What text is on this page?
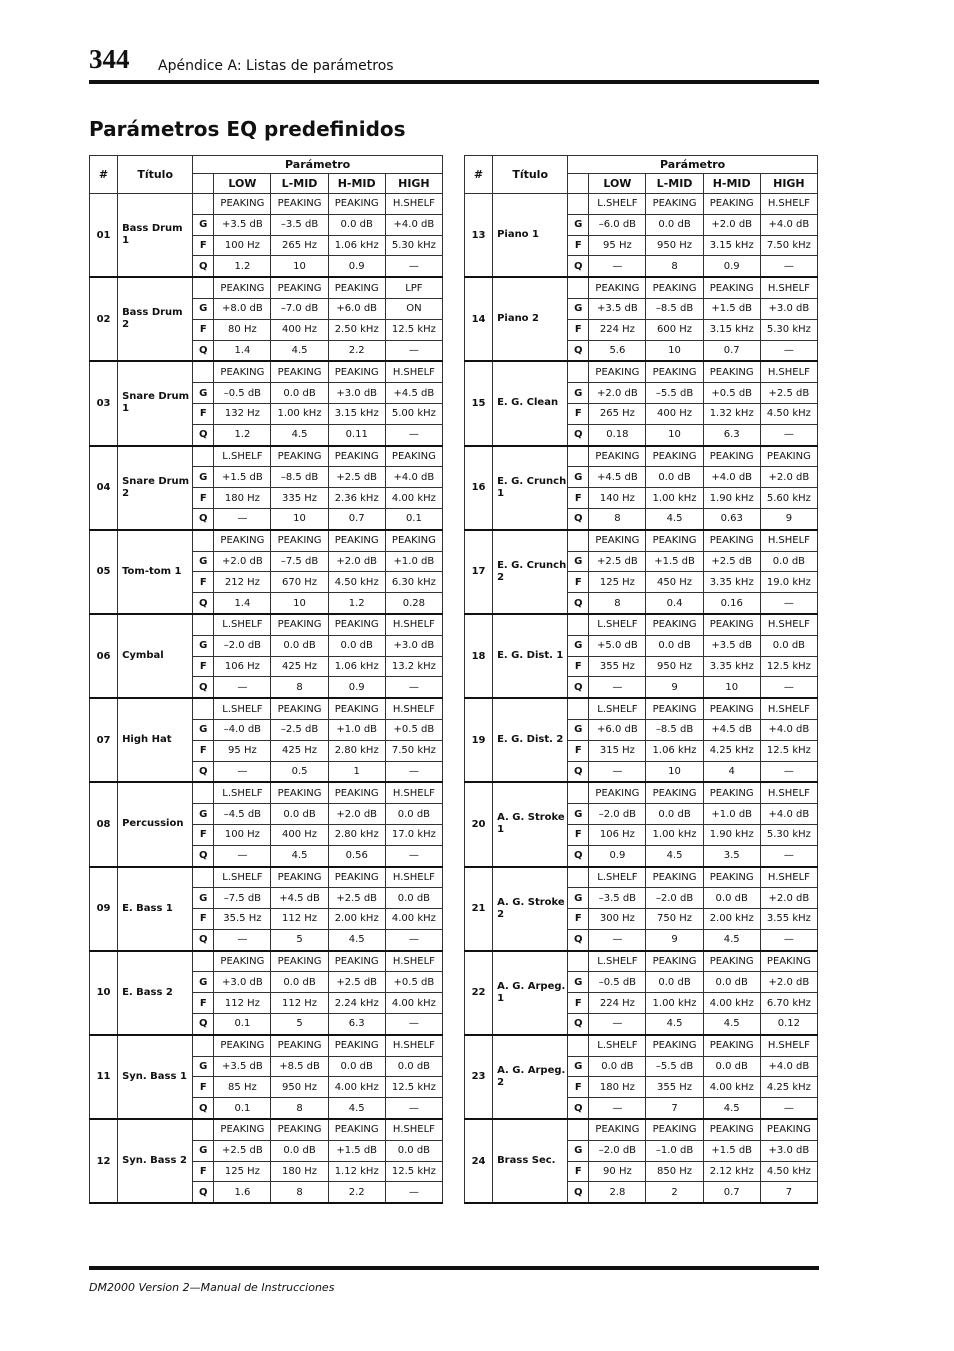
344 Apéndice A: Listas de parámetros
Parámetros EQ predefinidos
#	Título	Parámetro				
			LOW	L-MID	H-MID	HIGH
01	Bass Drum 1		PEAKING	PEAKING	PEAKING	H.SHELF
		G	+3.5 dB	–3.5 dB	0.0 dB	+4.0 dB
		F	100 Hz	265 Hz	1.06 kHz	5.30 kHz
		Q	1.2	10	0.9	—
02	Bass Drum 2		PEAKING	PEAKING	PEAKING	LPF
		G	+8.0 dB	–7.0 dB	+6.0 dB	ON
		F	80 Hz	400 Hz	2.50 kHz	12.5 kHz
		Q	1.4	4.5	2.2	—
03	Snare Drum 1		PEAKING	PEAKING	PEAKING	H.SHELF
		G	–0.5 dB	0.0 dB	+3.0 dB	+4.5 dB
		F	132 Hz	1.00 kHz	3.15 kHz	5.00 kHz
		Q	1.2	4.5	0.11	—
04	Snare Drum 2		L.SHELF	PEAKING	PEAKING	PEAKING
		G	+1.5 dB	–8.5 dB	+2.5 dB	+4.0 dB
		F	180 Hz	335 Hz	2.36 kHz	4.00 kHz
		Q	—	10	0.7	0.1
05	Tom-tom 1		PEAKING	PEAKING	PEAKING	PEAKING
		G	+2.0 dB	–7.5 dB	+2.0 dB	+1.0 dB
		F	212 Hz	670 Hz	4.50 kHz	6.30 kHz
		Q	1.4	10	1.2	0.28
06	Cymbal		L.SHELF	PEAKING	PEAKING	H.SHELF
		G	–2.0 dB	0.0 dB	0.0 dB	+3.0 dB
		F	106 Hz	425 Hz	1.06 kHz	13.2 kHz
		Q	—	8	0.9	—
07	High Hat		L.SHELF	PEAKING	PEAKING	H.SHELF
		G	–4.0 dB	–2.5 dB	+1.0 dB	+0.5 dB
		F	95 Hz	425 Hz	2.80 kHz	7.50 kHz
		Q	—	0.5	1	—
08	Percussion		L.SHELF	PEAKING	PEAKING	H.SHELF
		G	–4.5 dB	0.0 dB	+2.0 dB	0.0 dB
		F	100 Hz	400 Hz	2.80 kHz	17.0 kHz
		Q	—	4.5	0.56	—
09	E. Bass 1		L.SHELF	PEAKING	PEAKING	H.SHELF
		G	–7.5 dB	+4.5 dB	+2.5 dB	0.0 dB
		F	35.5 Hz	112 Hz	2.00 kHz	4.00 kHz
		Q	—	5	4.5	—
10	E. Bass 2		PEAKING	PEAKING	PEAKING	H.SHELF
		G	+3.0 dB	0.0 dB	+2.5 dB	+0.5 dB
		F	112 Hz	112 Hz	2.24 kHz	4.00 kHz
		Q	0.1	5	6.3	—
11	Syn. Bass 1		PEAKING	PEAKING	PEAKING	H.SHELF
		G	+3.5 dB	+8.5 dB	0.0 dB	0.0 dB
		F	85 Hz	950 Hz	4.00 kHz	12.5 kHz
		Q	0.1	8	4.5	—
12	Syn. Bass 2		PEAKING	PEAKING	PEAKING	H.SHELF
		G	+2.5 dB	0.0 dB	+1.5 dB	0.0 dB
		F	125 Hz	180 Hz	1.12 kHz	12.5 kHz
		Q	1.6	8	2.2	—
#	Título	Parámetro				
			LOW	L-MID	H-MID	HIGH
13	Piano 1		L.SHELF	PEAKING	PEAKING	H.SHELF
		G	–6.0 dB	0.0 dB	+2.0 dB	+4.0 dB
		F	95 Hz	950 Hz	3.15 kHz	7.50 kHz
		Q	—	8	0.9	—
14	Piano 2		PEAKING	PEAKING	PEAKING	H.SHELF
		G	+3.5 dB	–8.5 dB	+1.5 dB	+3.0 dB
		F	224 Hz	600 Hz	3.15 kHz	5.30 kHz
		Q	5.6	10	0.7	—
15	E. G. Clean		PEAKING	PEAKING	PEAKING	H.SHELF
		G	+2.0 dB	–5.5 dB	+0.5 dB	+2.5 dB
		F	265 Hz	400 Hz	1.32 kHz	4.50 kHz
		Q	0.18	10	6.3	—
16	E. G. Crunch 1		PEAKING	PEAKING	PEAKING	PEAKING
		G	+4.5 dB	0.0 dB	+4.0 dB	+2.0 dB
		F	140 Hz	1.00 kHz	1.90 kHz	5.60 kHz
		Q	8	4.5	0.63	9
17	E. G. Crunch 2		PEAKING	PEAKING	PEAKING	H.SHELF
		G	+2.5 dB	+1.5 dB	+2.5 dB	0.0 dB
		F	125 Hz	450 Hz	3.35 kHz	19.0 kHz
		Q	8	0.4	0.16	—
18	E. G. Dist. 1		L.SHELF	PEAKING	PEAKING	H.SHELF
		G	+5.0 dB	0.0 dB	+3.5 dB	0.0 dB
		F	355 Hz	950 Hz	3.35 kHz	12.5 kHz
		Q	—	9	10	—
19	E. G. Dist. 2		L.SHELF	PEAKING	PEAKING	H.SHELF
		G	+6.0 dB	–8.5 dB	+4.5 dB	+4.0 dB
		F	315 Hz	1.06 kHz	4.25 kHz	12.5 kHz
		Q	—	10	4	—
20	A. G. Stroke 1		PEAKING	PEAKING	PEAKING	H.SHELF
		G	–2.0 dB	0.0 dB	+1.0 dB	+4.0 dB
		F	106 Hz	1.00 kHz	1.90 kHz	5.30 kHz
		Q	0.9	4.5	3.5	—
21	A. G. Stroke 2		L.SHELF	PEAKING	PEAKING	H.SHELF
		G	–3.5 dB	–2.0 dB	0.0 dB	+2.0 dB
		F	300 Hz	750 Hz	2.00 kHz	3.55 kHz
		Q	—	9	4.5	—
22	A. G. Arpeg. 1		L.SHELF	PEAKING	PEAKING	PEAKING
		G	–0.5 dB	0.0 dB	0.0 dB	+2.0 dB
		F	224 Hz	1.00 kHz	4.00 kHz	6.70 kHz
		Q	—	4.5	4.5	0.12
23	A. G. Arpeg. 2		L.SHELF	PEAKING	PEAKING	H.SHELF
		G	0.0 dB	–5.5 dB	0.0 dB	+4.0 dB
		F	180 Hz	355 Hz	4.00 kHz	4.25 kHz
		Q	—	7	4.5	—
24	Brass Sec.		PEAKING	PEAKING	PEAKING	PEAKING
		G	–2.0 dB	–1.0 dB	+1.5 dB	+3.0 dB
		F	90 Hz	850 Hz	2.12 kHz	4.50 kHz
		Q	2.8	2	0.7	7
DM2000 Version 2—Manual de Instrucciones
